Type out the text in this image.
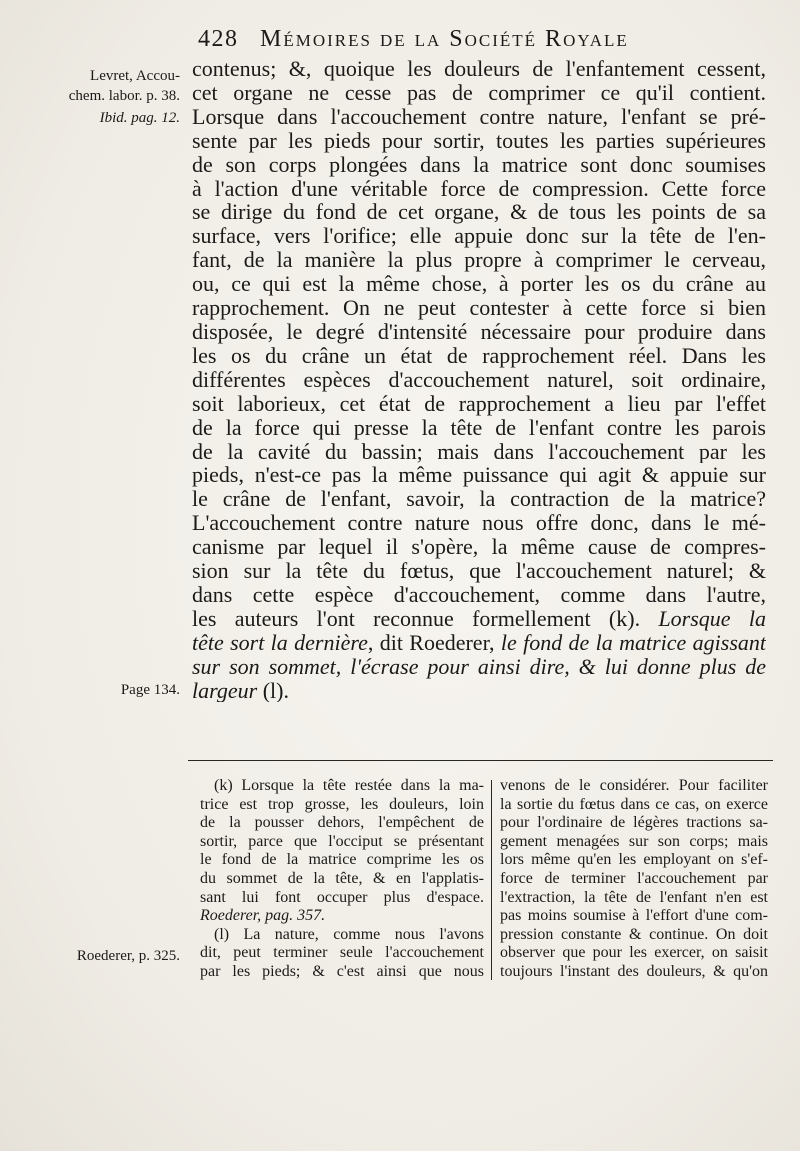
428 Mémoires de la Société Royale
Levret, Accou-
chem. labor. p. 38.
Ibid. pag. 12.
Page 134.
Roederer, p. 325.
contenus; &, quoique les douleurs de l'enfantement cessent,
cet organe ne cesse pas de comprimer ce qu'il contient.
Lorsque dans l'accouchement contre nature, l'enfant se pré-
sente par les pieds pour sortir, toutes les parties supérieures
de son corps plongées dans la matrice sont donc soumises
à l'action d'une véritable force de compression. Cette force
se dirige du fond de cet organe, & de tous les points de sa
surface, vers l'orifice; elle appuie donc sur la tête de l'en-
fant, de la manière la plus propre à comprimer le cerveau,
ou, ce qui est la même chose, à porter les os du crâne au
rapprochement. On ne peut contester à cette force si bien
disposée, le degré d'intensité nécessaire pour produire dans
les os du crâne un état de rapprochement réel. Dans les
différentes espèces d'accouchement naturel, soit ordinaire,
soit laborieux, cet état de rapprochement a lieu par l'effet
de la force qui presse la tête de l'enfant contre les parois
de la cavité du bassin; mais dans l'accouchement par les
pieds, n'est-ce pas la même puissance qui agit & appuie sur
le crâne de l'enfant, savoir, la contraction de la matrice?
L'accouchement contre nature nous offre donc, dans le mé-
canisme par lequel il s'opère, la même cause de compres-
sion sur la tête du fœtus, que l'accouchement naturel; &
dans cette espèce d'accouchement, comme dans l'autre,
les auteurs l'ont reconnue formellement (k). Lorsque la
tête sort la dernière, dit Roederer, le fond de la matrice agissant
sur son sommet, l'écrase pour ainsi dire, & lui donne plus de
largeur (l).
(k) Lorsque la tête restée dans la ma-
trice est trop grosse, les douleurs, loin
de la pousser dehors, l'empêchent de
sortir, parce que l'occiput se présentant
le fond de la matrice comprime les os
du sommet de la tête, & en l'applatis-
sant lui font occuper plus d'espace.
Roederer, pag. 357.
(l) La nature, comme nous l'avons
dit, peut terminer seule l'accouchement
par les pieds; & c'est ainsi que nous
venons de le considérer. Pour faciliter
la sortie du fœtus dans ce cas, on exerce
pour l'ordinaire de légères tractions sa-
gement menagées sur son corps; mais
lors même qu'en les employant on s'ef-
force de terminer l'accouchement par
l'extraction, la tête de l'enfant n'en est
pas moins soumise à l'effort d'une com-
pression constante & continue. On doit
observer que pour les exercer, on saisit
toujours l'instant des douleurs, & qu'on
